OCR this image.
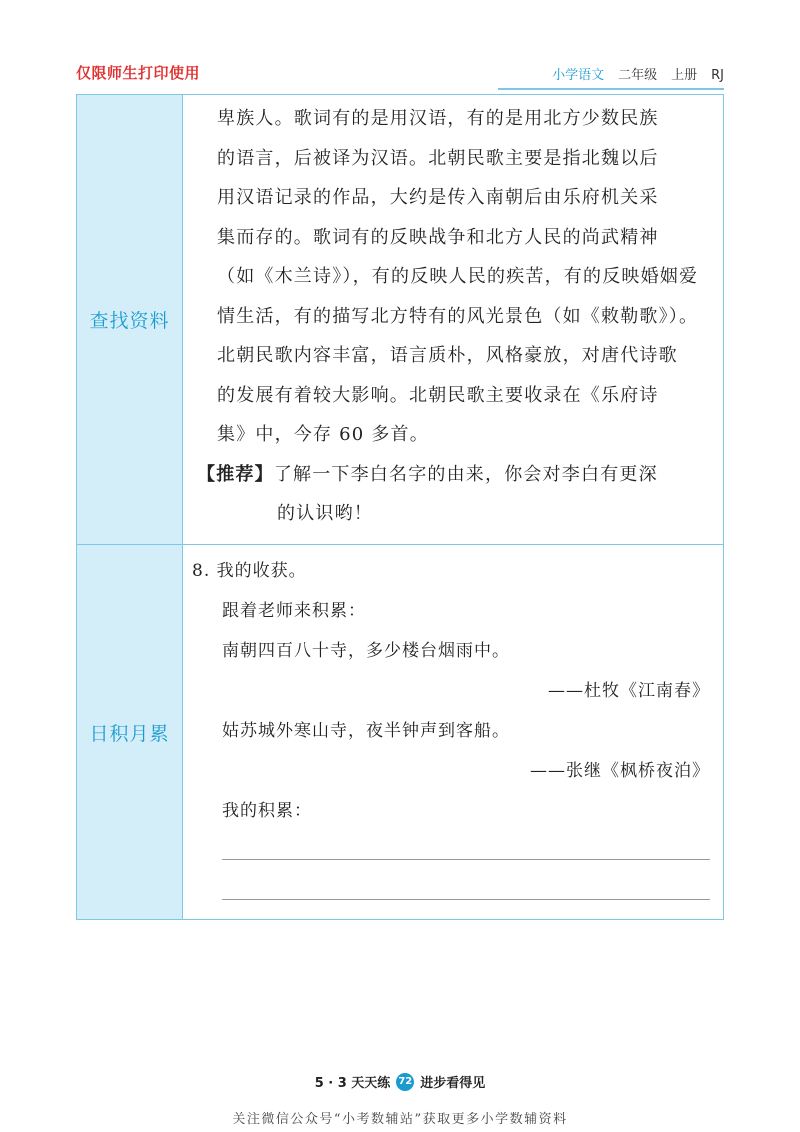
仅限师生打印使用	小学语文 二年级 上册 RJ
查找资料

卑族人。歌词有的是用汉语，有的是用北方少数民族

的语言，后被译为汉语。北朝民歌主要是指北魏以后

用汉语记录的作品，大约是传入南朝后由乐府机关采

集而存的。歌词有的反映战争和北方人民的尚武精神

（如《木兰诗》），有的反映人民的疾苦，有的反映婚姻爱

情生活，有的描写北方特有的风光景色（如《敕勒歌》）。

北朝民歌内容丰富，语言质朴，风格豪放，对唐代诗歌

的发展有着较大影响。北朝民歌主要收录在《乐府诗

集》中，今存 60 多首。

【推荐】了解一下李白名字的由来，你会对李白有更深

的认识哟！

日积月累
8. 我的收获。
跟着老师来积累：
南朝四百八十寺，多少楼台烟雨中。
——杜牧《江南春》
姑苏城外寒山寺，夜半钟声到客船。
——张继《枫桥夜泊》
我的积累：
5 · 3 天天练 72 进步看得见
关注微信公众号“小考数辅站”获取更多小学数辅资料
